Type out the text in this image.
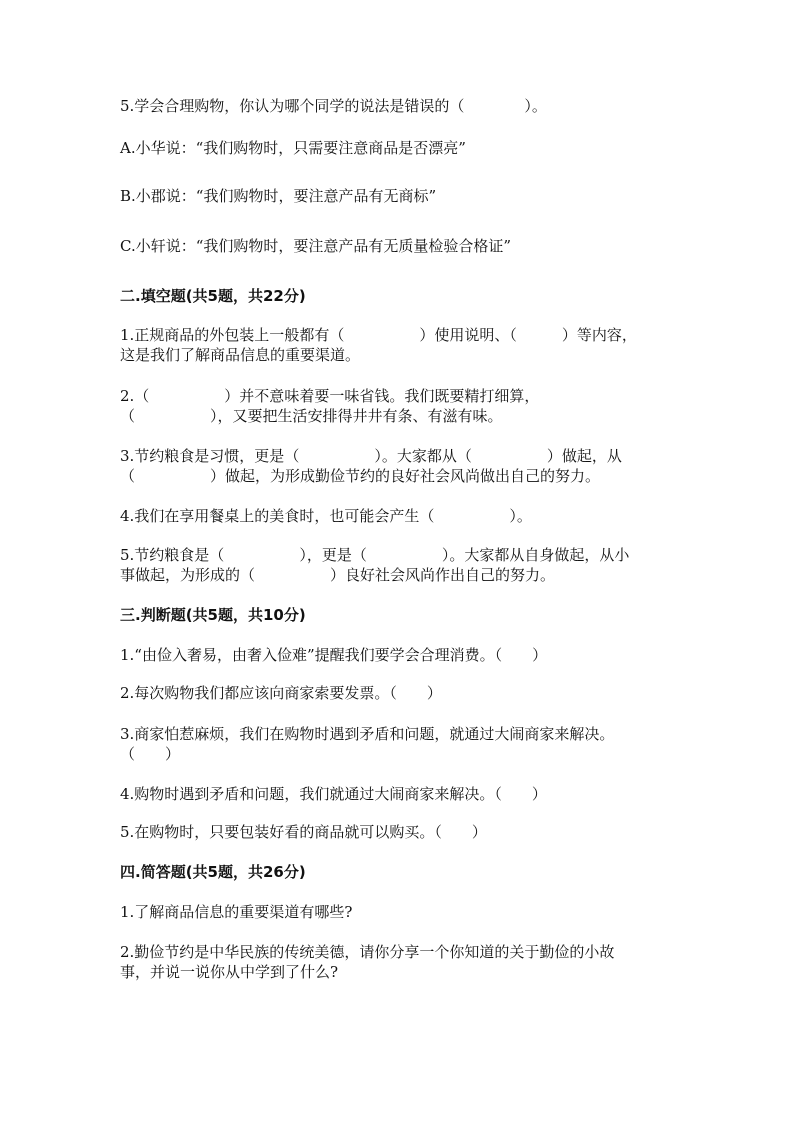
5.学会合理购物，你认为哪个同学的说法是错误的（　　　　）。
A.小华说：“我们购物时，只需要注意商品是否漂亮”
B.小郡说：“我们购物时，要注意产品有无商标”
C.小轩说：“我们购物时，要注意产品有无质量检验合格证”
二.填空题(共5题，共22分)
1.正规商品的外包装上一般都有（　　　　　）使用说明、（　　　）等内容，
这是我们了解商品信息的重要渠道。
2.（　　　　　）并不意味着要一味省钱。我们既要精打细算，
（　　　　　），又要把生活安排得井井有条、有滋有味。
3.节约粮食是习惯，更是（　　　　　）。大家都从（　　　　　）做起，从
（　　　　　）做起，为形成勤俭节约的良好社会风尚做出自己的努力。
4.我们在享用餐桌上的美食时，也可能会产生（　　　　　）。
5.节约粮食是（　　　　　），更是（　　　　　）。大家都从自身做起，从小
事做起，为形成的（　　　　　）良好社会风尚作出自己的努力。
三.判断题(共5题，共10分)
1.“由俭入奢易，由奢入俭难”提醒我们要学会合理消费。（　　）
2.每次购物我们都应该向商家索要发票。（　　）
3.商家怕惹麻烦，我们在购物时遇到矛盾和问题，就通过大闹商家来解决。
（　　）
4.购物时遇到矛盾和问题，我们就通过大闹商家来解决。（　　）
5.在购物时，只要包装好看的商品就可以购买。（　　）
四.简答题(共5题，共26分)
1.了解商品信息的重要渠道有哪些?
2.勤俭节约是中华民族的传统美德，请你分享一个你知道的关于勤俭的小故
事，并说一说你从中学到了什么?
